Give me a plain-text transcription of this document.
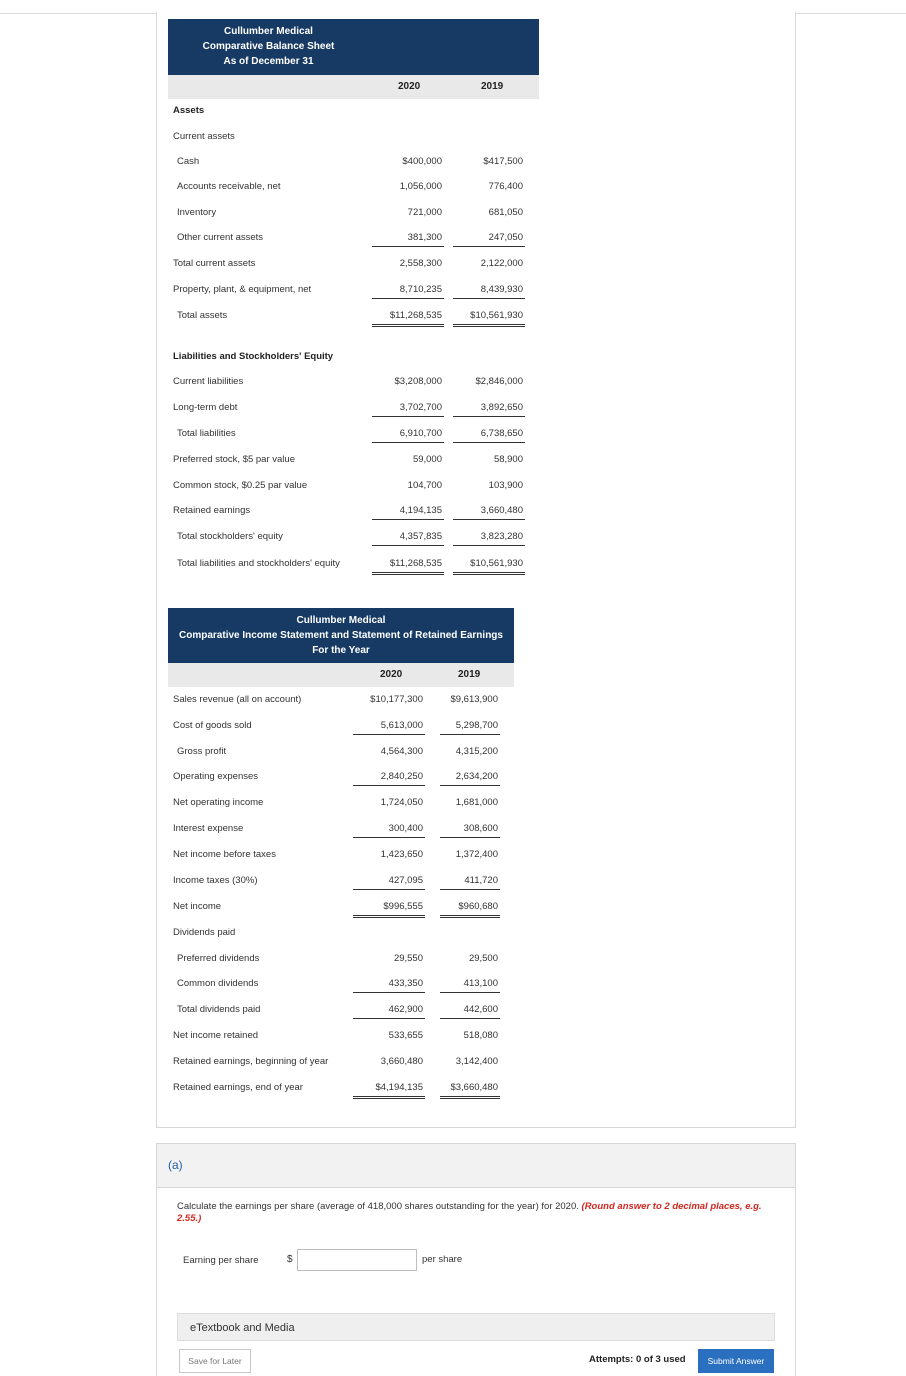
Cullumber Medical
Comparative Balance Sheet
As of December 31
2020	2019
Assets
Current assets
Cash	$400,000	$417,500
Accounts receivable, net	1,056,000	776,400
Inventory	721,000	681,050
Other current assets	381,300	247,050
Total current assets	2,558,300	2,122,000
Property, plant, & equipment, net	8,710,235	8,439,930
Total assets	$11,268,535	$10,561,930
Liabilities and Stockholders' Equity
Current liabilities	$3,208,000	$2,846,000
Long-term debt	3,702,700	3,892,650
Total liabilities	6,910,700	6,738,650
Preferred stock, $5 par value	59,000	58,900
Common stock, $0.25 par value	104,700	103,900
Retained earnings	4,194,135	3,660,480
Total stockholders' equity	4,357,835	3,823,280
Total liabilities and stockholders' equity	$11,268,535	$10,561,930
Cullumber Medical
Comparative Income Statement and Statement of Retained Earnings
For the Year
2020	2019
Sales revenue (all on account)	$10,177,300	$9,613,900
Cost of goods sold	5,613,000	5,298,700
Gross profit	4,564,300	4,315,200
Operating expenses	2,840,250	2,634,200
Net operating income	1,724,050	1,681,000
Interest expense	300,400	308,600
Net income before taxes	1,423,650	1,372,400
Income taxes (30%)	427,095	411,720
Net income	$996,555	$960,680
Dividends paid
Preferred dividends	29,550	29,500
Common dividends	433,350	413,100
Total dividends paid	462,900	442,600
Net income retained	533,655	518,080
Retained earnings, beginning of year	3,660,480	3,142,400
Retained earnings, end of year	$4,194,135	$3,660,480
(a)
Calculate the earnings per share (average of 418,000 shares outstanding for the year) for 2020. (Round answer to 2 decimal places, e.g. 2.55.)
Earning per share	$	per share
eTextbook and Media
Save for Later	Attempts: 0 of 3 used	Submit Answer
